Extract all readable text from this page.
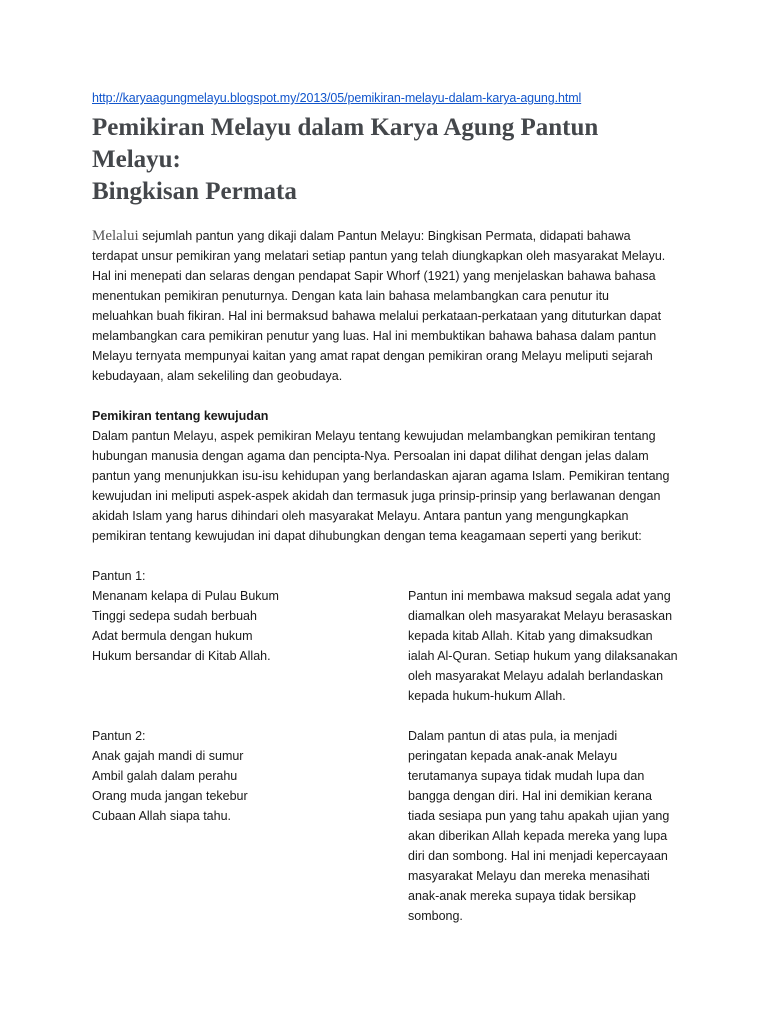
http://karyaagungmelayu.blogspot.my/2013/05/pemikiran-melayu-dalam-karya-agung.html
Pemikiran Melayu dalam Karya Agung Pantun Melayu:
Bingkisan Permata

Melalui sejumlah pantun yang dikaji dalam Pantun Melayu: Bingkisan Permata, didapati bahawa
terdapat unsur pemikiran yang melatari setiap pantun yang telah diungkapkan oleh masyarakat Melayu.
Hal ini menepati dan selaras dengan pendapat Sapir Whorf (1921) yang menjelaskan bahawa bahasa
menentukan pemikiran penuturnya. Dengan kata lain bahasa melambangkan cara penutur itu
meluahkan buah fikiran. Hal ini bermaksud bahawa melalui perkataan-perkataan yang dituturkan dapat
melambangkan cara pemikiran penutur yang luas. Hal ini membuktikan bahawa bahasa dalam pantun
Melayu ternyata mempunyai kaitan yang amat rapat dengan pemikiran orang Melayu meliputi sejarah
kebudayaan, alam sekeliling dan geobudaya.

Pemikiran tentang kewujudan

Dalam pantun Melayu, aspek pemikiran Melayu tentang kewujudan melambangkan pemikiran tentang
hubungan manusia dengan agama dan pencipta-Nya. Persoalan ini dapat dilihat dengan jelas dalam
pantun yang menunjukkan isu-isu kehidupan yang berlandaskan ajaran agama Islam. Pemikiran tentang
kewujudan ini meliputi aspek-aspek akidah dan termasuk juga prinsip-prinsip yang berlawanan dengan
akidah Islam yang harus dihindari oleh masyarakat Melayu. Antara pantun yang mengungkapkan
pemikiran tentang kewujudan ini dapat dihubungkan dengan tema keagamaan seperti yang berikut:

Pantun 1:
Menanam kelapa di Pulau Bukum
Tinggi sedepa sudah berbuah
Adat bermula dengan hukum
Hukum bersandar di Kitab Allah.
Pantun ini membawa maksud segala adat yang
diamalkan oleh masyarakat Melayu berasaskan
kepada kitab Allah. Kitab yang dimaksudkan
ialah Al-Quran. Setiap hukum yang dilaksanakan
oleh masyarakat Melayu adalah berlandaskan
kepada hukum-hukum Allah.
Pantun 2:
Anak gajah mandi di sumur
Ambil galah dalam perahu
Orang muda jangan tekebur
Cubaan Allah siapa tahu.
Dalam pantun di atas pula, ia menjadi
peringatan kepada anak-anak Melayu
terutamanya supaya tidak mudah lupa dan
bangga dengan diri. Hal ini demikian kerana
tiada sesiapa pun yang tahu apakah ujian yang
akan diberikan Allah kepada mereka yang lupa
diri dan sombong. Hal ini menjadi kepercayaan
masyarakat Melayu dan mereka menasihati
anak-anak mereka supaya tidak bersikap
sombong.
